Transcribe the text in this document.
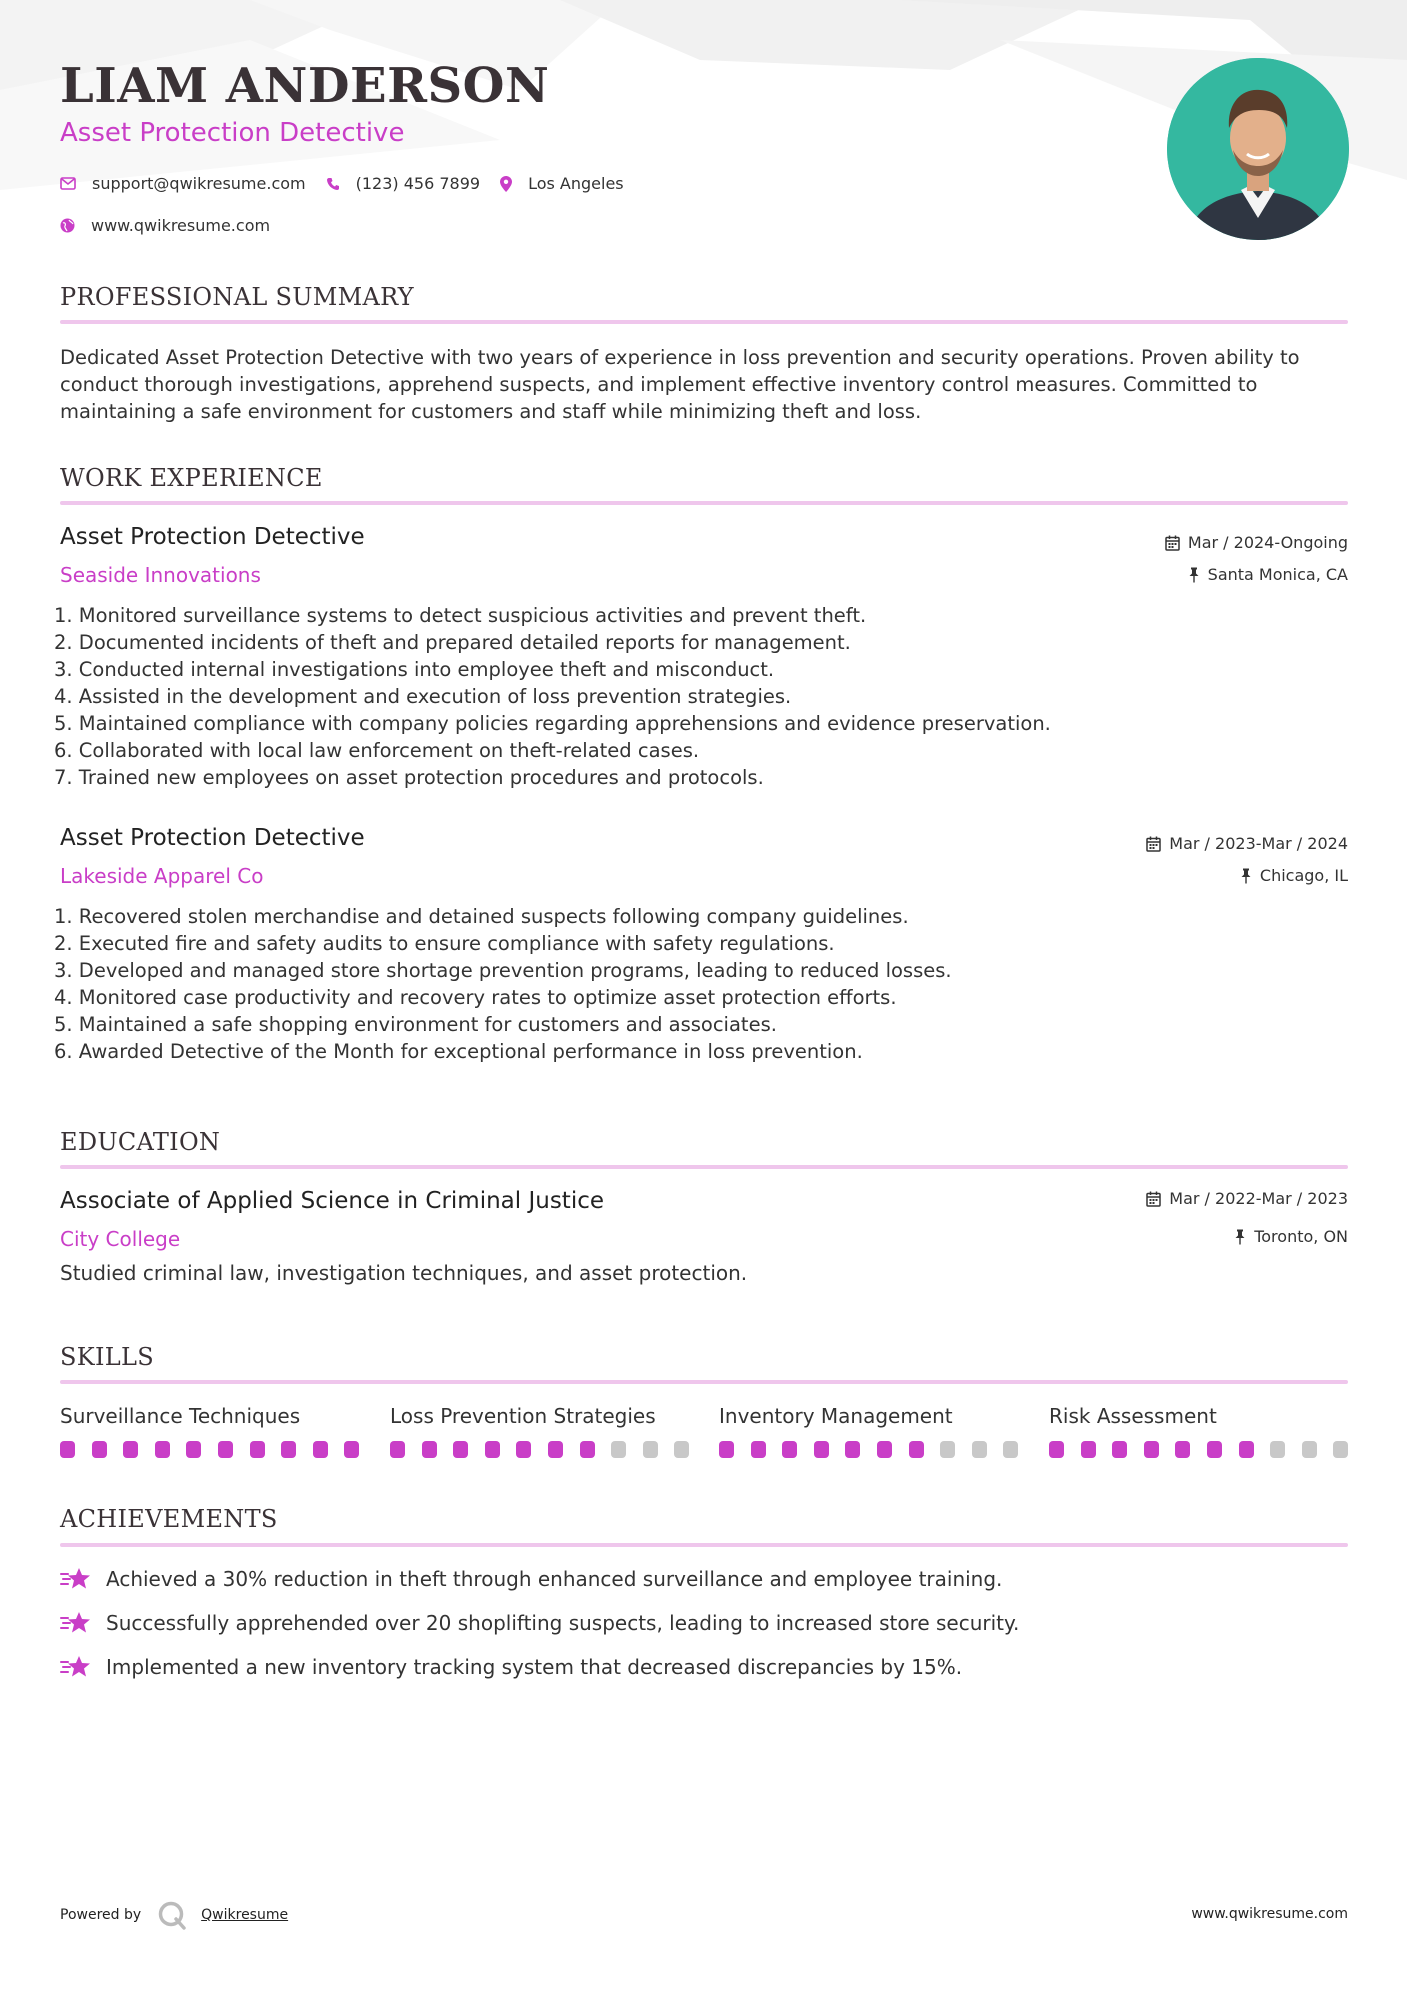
LIAM ANDERSON
Asset Protection Detective
support@qwikresume.com	(123) 456 7899	Los Angeles
www.qwikresume.com
PROFESSIONAL SUMMARY
Dedicated Asset Protection Detective with two years of experience in loss prevention and security operations. Proven ability to conduct thorough investigations, apprehend suspects, and implement effective inventory control measures. Committed to maintaining a safe environment for customers and staff while minimizing theft and loss.
WORK EXPERIENCE
Asset Protection Detective
Seaside Innovations
Mar / 2024-Ongoing
Santa Monica, CA
1. Monitored surveillance systems to detect suspicious activities and prevent theft.
2. Documented incidents of theft and prepared detailed reports for management.
3. Conducted internal investigations into employee theft and misconduct.
4. Assisted in the development and execution of loss prevention strategies.
5. Maintained compliance with company policies regarding apprehensions and evidence preservation.
6. Collaborated with local law enforcement on theft-related cases.
7. Trained new employees on asset protection procedures and protocols.
Asset Protection Detective
Lakeside Apparel Co
Mar / 2023-Mar / 2024
Chicago, IL
1. Recovered stolen merchandise and detained suspects following company guidelines.
2. Executed fire and safety audits to ensure compliance with safety regulations.
3. Developed and managed store shortage prevention programs, leading to reduced losses.
4. Monitored case productivity and recovery rates to optimize asset protection efforts.
5. Maintained a safe shopping environment for customers and associates.
6. Awarded Detective of the Month for exceptional performance in loss prevention.
EDUCATION
Associate of Applied Science in Criminal Justice
City College
Mar / 2022-Mar / 2023
Toronto, ON
Studied criminal law, investigation techniques, and asset protection.
SKILLS
Surveillance Techniques	Loss Prevention Strategies	Inventory Management	Risk Assessment
ACHIEVEMENTS
Achieved a 30% reduction in theft through enhanced surveillance and employee training.
Successfully apprehended over 20 shoplifting suspects, leading to increased store security.
Implemented a new inventory tracking system that decreased discrepancies by 15%.
Powered by	Qwikresume	www.qwikresume.com
